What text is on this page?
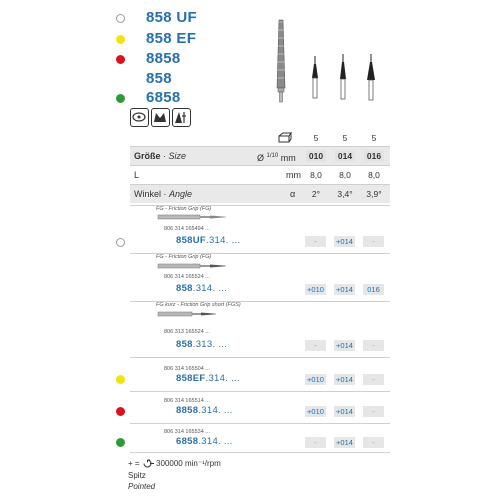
858 UF
858 EF
8858
858
6858
5	5	5
Größe · Size	Ø $^{1/10}$ mm	010	014	016
L	mm	8,0	8,0	8,0
Winkel · Angle	α	2°	3,4° 3,9°
FG - Friction Grip (FG)
806 314 165494 ...
858UF.314. ...	-	+014	-
FG - Friction Grip (FG)
806 314 165524 ...
858.314. ...	+010 +014	016
FG kurz - Friction Grip short (FGS)
806 313 165524 ...
858.313. ...	-	+014	-
806 314 165504 ...
858EF.314. ...	+010 +014	-
806 314 165514 ...
8858.314. ...	+010 +014	-
806 314 165534 ...
6858.314. ...	-	+014	-
+ = 300000 min⁻¹/rpm
Spitz
Pointed
